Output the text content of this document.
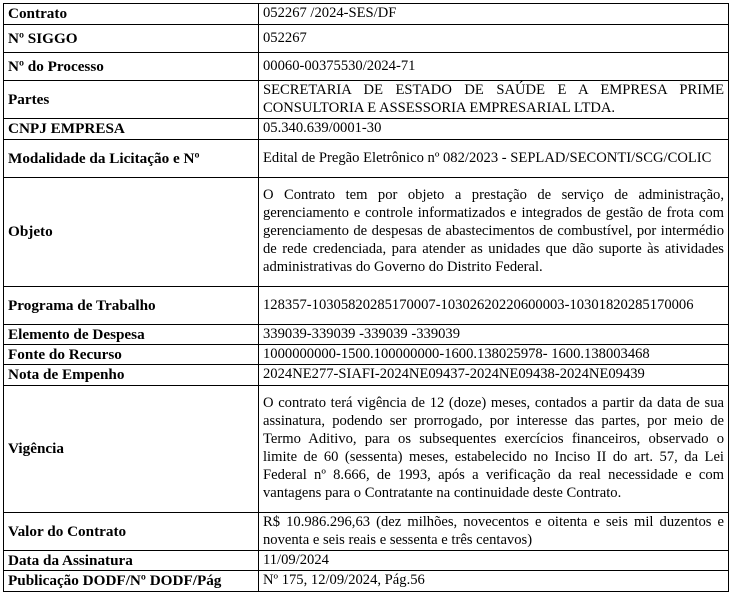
Contrato	052267 /2024-SES/DF
Nº SIGGO	052267
Nº do Processo	00060-00375530/2024-71
Partes	SECRETARIA DE ESTADO DE SAÚDE E A EMPRESA PRIME CONSULTORIA E ASSESSORIA EMPRESARIAL LTDA.
CNPJ EMPRESA	05.340.639/0001-30
Modalidade da Licitação e Nº	Edital de Pregão Eletrônico nº 082/2023 - SEPLAD/SECONTI/SCG/COLIC
Objeto	O Contrato tem por objeto a prestação de serviço de administração, gerenciamento e controle informatizados e integrados de gestão de frota com gerenciamento de despesas de abastecimentos de combustível, por intermédio de rede credenciada, para atender as unidades que dão suporte às atividades administrativas do Governo do Distrito Federal.
Programa de Trabalho	128357-10305820285170007-10302620220600003-10301820285170006
Elemento de Despesa	339039-339039 -339039 -339039
Fonte do Recurso	1000000000-1500.100000000-1600.138025978- 1600.138003468
Nota de Empenho	2024NE277-SIAFI-2024NE09437-2024NE09438-2024NE09439
Vigência	O contrato terá vigência de 12 (doze) meses, contados a partir da data de sua assinatura, podendo ser prorrogado, por interesse das partes, por meio de Termo Aditivo, para os subsequentes exercícios financeiros, observado o limite de 60 (sessenta) meses, estabelecido no Inciso II do art. 57, da Lei Federal nº 8.666, de 1993, após a verificação da real necessidade e com vantagens para o Contratante na continuidade deste Contrato.
Valor do Contrato	R$ 10.986.296,63 (dez milhões, novecentos e oitenta e seis mil duzentos e noventa e seis reais e sessenta e três centavos)
Data da Assinatura	11/09/2024
Publicação DODF/Nº DODF/Pág	Nº 175, 12/09/2024, Pág.56
